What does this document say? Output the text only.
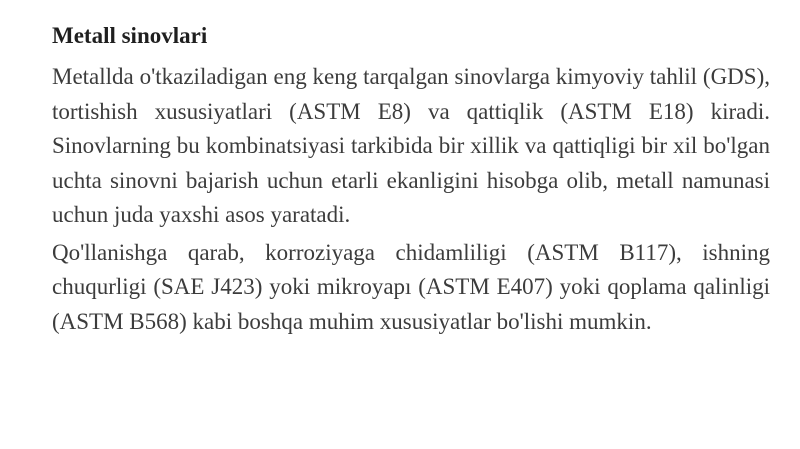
Metall sinovlari

Metallda o'tkaziladigan eng keng tarqalgan sinovlarga kimyoviy tahlil (GDS), tortishish xususiyatlari (ASTM E8) va qattiqlik (ASTM E18) kiradi. Sinovlarning bu kombinatsiyasi tarkibida bir xillik va qattiqligi bir xil bo'lgan uchta sinovni bajarish uchun etarli ekanligini hisobga olib, metall namunasi uchun juda yaxshi asos yaratadi.

Qo'llanishga qarab, korroziyaga chidamliligi (ASTM B117), ishning chuqurligi (SAE J423) yoki mikroyapı (ASTM E407) yoki qoplama qalinligi (ASTM B568) kabi boshqa muhim xususiyatlar bo'lishi mumkin.
